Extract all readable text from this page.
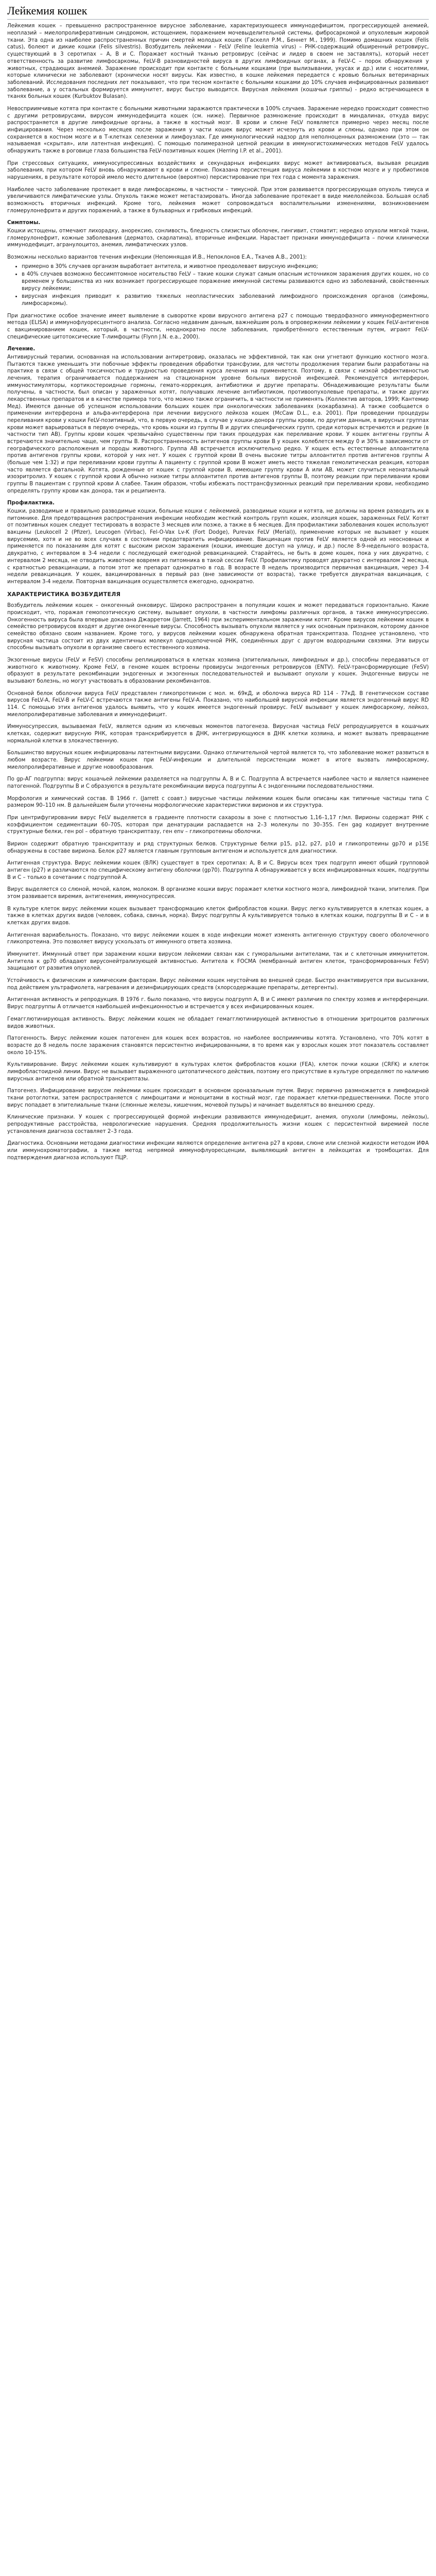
Лейкемия кошек

Лейкемия кошек – превышенно распространенное вирусное заболевание, характеризующееся иммунодефицитом, прогрессирующей анемией, неоплазий – миелопролиферативным синдромом, истощением, поражением мочевыделительной системы, фибросаркомой и опухолевым жировой ткани. Эта одна из наиболее распространенных причин смертей молодых кошек (Гаскелл Р.М., Беннет М., 1999). Помимо домашних кошек (Felis catus), болеют и дикие кошки (Felis silvestris). Возбудитель лейкемии - FeLV (Feline leukemia virus) – РНК-содержащий обширенный ретровирус, существующий в 3 серотипах – А, В и С. Поражает костный тканью ретровирус (сейчас и лидер в своем не заставлять), который несет ответственность за развитие лимфосаркомы, FeLV-В разновидностей вируса в других лимфоидных органах, а FeLV-C – порок обнаружения у животных, страдающих анемией. Заражение происходит при контакте с больными кошками (при вылизывании, укусах и др.) или с носителями, которые клинически не заболевают (хронически носят вирусы. Как известно, в кошке лейкемия передается с кровью больных ветеринарных заболеваний. Исследования последних лет показывают, что при тесном контакте с больными кошками до 10% случаев инфицированных развивают заболевание, а у остальных формируется иммунитет, вирус быстро выводится. Вирусная лейкемия (кошачьи гриппы) - редко встречающееся в тканях больных кошек (Kurbuktov Bulasan).

Невосприимчивые котята при контакте с больными животными заражаются практически в 100% случаев. Заражение нередко происходит совместно с другими ретровирусами, вирусом иммунодефицита кошек (см. ниже). Первичное размножение происходит в миндалинах, откуда вирус распространяется в другие лимфоидные органы, а также в костный мозг. В крови и слюне FeLV появляется примерно через месяц после инфицирования. Через несколько месяцев после заражения у части кошек вирус может исчезнуть из крови и слюны, однако при этом он сохраняется в костном мозге и в Т-клетках селезенки и лимфоузлах. Где иммунологический надзор для неполноценных размножении (это — так называемая «скрытая», или латентная инфекция). С помощью полимеразной цепной реакции в иммуногистохимических методов FeLV удалось обнаружить также в роговице глаза большинства FeLV-позитивных кошек (Herring I.P. et al., 2001).

При стрессовых ситуациях, иммуносупрессивных воздействиях и секундарных инфекциях вирус может активироваться, вызывая рецидив заболевания, при котором FeLV вновь обнаруживают в крови и слюне. Показана персистенция вируса лейкемии в костном мозге и у пробиотиков нарушениях, в результате которой имело место длительное (вероятно) персистирование при тех года с момента заражения.

Наиболее часто заболевание протекает в виде лимфосаркомы, в частности – тимусной. При этом развивается прогрессирующая опухоль тимуса и увеличиваются лимфатические узлы. Опухоль также может метастазировать. Иногда заболевание протекает в виде миелолейкоза. Большая ослаб возможность вторичных инфекций. Кроме того, лейкемия может сопровождаться воспалительными изменениями, возникновением гломерулонефрита и других поражений, а также в бульварных и грибковых инфекций.

Симптомы.

Кошки истощены, отмечают лихорадку, анорексию, сонливость, бледность слизистых оболочек, гингивит, стоматит; нередко опухоли мягкой ткани, гломерулонефрит, кожные заболевания (дерматоз, скарлатина), вторичные инфекции. Нарастает признаки иммунодефицита – почки клинически иммунодефицит, агранулоцитоз, анемия, лимфатических узлов.

Возможны несколько вариантов течения инфекции (Непомнящая И.В., Непоклонов Е.А., Ткачев А.В., 2001):

• примерно в 30% случаев организм выработает антитела, и животное преодолевает вирусную инфекцию;
• в 40% случаев возможно бессимптомное носительство FeLV – такие кошки служат самым опасным источником заражения других кошек, но со временем у большинства из них возникает прогрессирующее поражение иммунной системы развиваются одно из заболеваний, свойственных вирусу лейкемии;
• вирусная инфекция приводит к развитию тяжелых неопластических заболеваний лимфоидного происхождения органов (симфомы, лимфосаркомы).

При диагностике особое значение имеет выявление в сыворотке крови вирусного антигена р27 с помощью твердофазного иммуноферментного метода (ELISA) и иммунофлуоресцентного анализа. Согласно недавним данным, важнейшим роль в опровержении лейкемии у кошек FeLV-антигенов с вакцинированием кошек, который, в частности, неоднократно после заболевания, приобретённого естественным путем, играют FeLV-специфические цитотоксические Т-лимфоциты (Flynn J.N. e.a., 2000).

Лечение.

Антивирусный терапии, основанная на использовании антиретровир, оказалась не эффективной, так как они угнетают функцию костного мозга. Пытаются также уменьшить эти побочные эффекты проведения обработки трансфузии, для чистоты продолжения терапии были разработаны на практике в связи с общей токсичностью и трудностью проведения курса лечения на применяется. Поэтому, в связи с низкой эффективностью лечения, терапия ограничивается поддержанием на стационарном уровне больных вирусной инфекцией. Рекомендуется интерферон, иммуностимуляторы, кортикостероидные гормоны, гемато-коррекция, антибиотики и другие препараты. Обнадеживающие результаты были получены, в частности, был описан у зараженных котят, получавших лечение антибиотиком, противоопухолевые препараты, и также других лекарственных препаратов и в качестве примера того, что можно также ограничить, в частности не применять (Коллектив авторов, 1999; Кантемир Мед). Имеются данные об успешном использовании больших кошек при онкологических заболеваниях (кокарбазина). А также сообщается о применении интерферона и альфа-интерферона при лечении вирусного лейкоза кошек (McCaw D.L., e.a. 2001). При проведении процедуры переливания крови у кошки FeLV-позитивный, что, в первую очередь, в случае у кошки-донора группы крови, по другим данным, в вирусных группах крови может варьироваться в первую очередь, что кровь кошки из группы В и других специфических групп, среди которых встречаются и редкие (в частности тип АВ). Группы крови кошек чрезвычайно существенны при таких процедурах как переливание крови. У кошек антигены группы A встречаются значительно чаще, чем группы B. Распространенность антигенов группы крови B у кошек колеблется между 0 и 30% в зависимости от географического расположения и породы животного. Группа AB встречается исключительно редко. У кошек есть естественные аллоантитела против антигенов группы крови, которой у них нет. У кошек с группой крови B очень высокие титры аллоантител против антигенов группы A (больше чем 1:32) и при переливании крови группы A пациенту с группой крови B может иметь место тяжелая гемолитическая реакция, которая часто является фатальной. Котята, рожденные от кошек с группой крови B, имеющие группу крови A или AB, может случиться неонатальный изоэритролиз. У кошек с группой крови А обычно низкие титры аллоантител против антигенов группы В, поэтому реакции при переливании крови группы В пациентам с группой крови А слабее. Таким образом, чтобы избежать посттрансфузионных реакций при переливании крови, необходимо определять группу крови как донора, так и реципиента.

Профилактика.

Кошки, разводимые и правильно разводимые кошки, больные кошки с лейкемией, разводимые кошки и котята, не должны на время разводить их в питомнике. Для предотвращения распространения инфекции необходим жесткий контроль групп кошек, изоляция кошек, зараженных FeLV. Котят от позитивных кошек следует тестировать в возрасте 3 месяцев или позже, а также в 6 месяцев. Для профилактики заболевания кошек используют вакцины (Leukocell 2 (Pfizer), Leucogen (Virbac), Fel-O-Vax Lv-K (Fort Dodge), Purevax FeLV (Merial)), применение которых не вызывает у кошек вирусемию, хотя и не во всех случаях в состоянии предотвратить инфицирование. Вакцинация против FeLV является одной из неосновных и применяется по показаниям для котят с высоким риском заражения (кошки, имеющие доступ на улицу, и др.) после 8-9-недельного возраста, двукратно, с интервалом в 3-4 недели с последующей ежегодной ревакцинацией. Старайтесь, не быть в доме кошек, пока у них двукратно, с интервалом 2 месяца, не отводить животное вовремя из питомника в такой сессии FeLV. Профилактику проводят двукратно с интервалом 2 месяца, с кратностью ревакцинации, а потом этот же препарат однократно в год. В возрасте 8 недель производится первичная вакцинация, через 3-4 недели ревакцинация. У кошек, вакцинированных в первый раз (вне зависимости от возраста), также требуется двукратная вакцинация, с интервалом 3-4 недели. Повторная вакцинация осуществляется ежегодно, однократно.

ХАРАКТЕРИСТИКА ВОЗБУДИТЕЛЯ

Возбудитель лейкемии кошек – онкогенный онковирус. Широко распространен в популяции кошек и может передаваться горизонтально. Какие происходит, что, поражая гемопоэтическую систему, вызывает опухоли, в частности лимфомы различных органов, а также иммуносупрессию. Онкогенность вируса была впервые доказана Джарретом (Jarrett, 1964) при экспериментальном заражении котят. Кроме вирусов лейкемии кошек в семейство ретровирусов входят и другие онкогенные вирусы. Способность вызывать опухоли является у них основным признаком, которому данное семейство обязано своим названием. Кроме того, у вирусов лейкемии кошек обнаружена обратная транскриптаза. Позднее установлено, что вирусная частица состоит из двух идентичных молекул одноцепочечной РНК, соединённых друг с другом водородными связями. Эти вирусы способны вызывать опухоли в организме своего естественного хозяина.

Экзогенные вирусы (FeLV и FeSV) способны реплицироваться в клетках хозяина (эпителиальных, лимфоидных и др.), способны передаваться от животного к животному. Кроме FeLV, в геноме кошек встроены провирусы эндогенных ретровирусов (ENTV). FeLV-трансформирующие (FeSV) образуют в результате рекомбинации эндогенных и экзогенных последовательностей и вызывают опухоли у кошек. Эндогенные вирусы не вызывают болезнь, но могут участвовать в образовании рекомбинантов.

Основной белок оболочки вируса FeLV представлен гликопротеином с мол. м. 69кД, и оболочка вируса RD 114 - 77кД. В генетическом составе вирусов FeLV-A, FeLV-B и FeLV-C встречаются также антигены FeLV-A. Показано, что наибольшей вирусной инфекции является эндогенный вирус RD 114. С помощью этих антигенов удалось выявить, что у кошек имеется эндогенный провирус. FeLV вызывает у кошек лимфосаркому, лейкоз, миелопролиферативные заболевания и иммунодефицит.

Иммуносупрессия, вызываемая FeLV, является одним из ключевых моментов патогенеза. Вирусная частица FeLV репродуцируется в кошачьих клетках, содержит вирусную РНК, которая транскрибируется в ДНК, интегрирующуюся в ДНК клетки хозяина, и может вызвать превращение нормальной клетки в злокачественную.

Большинство вирусных кошек инфицированы латентными вирусами. Однако отличительной чертой является то, что заболевание может развиться в любом возрасте. Вирус лейкемии кошек при FeLV-инфекции и длительной персистенции может в итоге вызвать лимфосаркому, миелопролиферативные и другие новообразования.

По gp-АГ подгруппа: вирус кошачьей лейкемии разделяется на подгруппы A, B и C. Подгруппа A встречается наиболее часто и является наименее патогенной. Подгруппы B и C образуются в результате рекомбинации вируса подгруппы A с эндогенными последовательностями.

Морфология и химический состав. В 1966 г. (Jarrett с соавт.) вирусные частицы лейкемии кошек были описаны как типичные частицы типа С размером 90–110 нм. В дальнейшем были уточнены морфологические характеристики вирионов и их структура.

При центрифугировании вирус FeLV выделяется в градиенте плотности сахарозы в зоне с плотностью 1,16–1,17 г/мл. Вирионы содержат РНК с коэффициентом седиментации 60–70S, которая при денатурации распадается на 2–3 молекулы по 30–35S. Ген gag кодирует внутренние структурные белки, ген pol – обратную транскриптазу, ген env – гликопротеины оболочки.

Вирион содержит обратную транскриптазу и ряд структурных белков. Структурные белки p15, p12, p27, p10 и гликопротеины gp70 и p15E обнаружены в составе вириона. Белок p27 является главным групповым антигеном и используется для диагностики.

Антигенная структура. Вирус лейкемии кошек (ВЛК) существует в трех серотипах: А, В и С. Вирусы всех трех подгрупп имеют общий групповой антиген (p27) и различаются по специфическому антигену оболочки (gp70). Подгруппа A обнаруживается у всех инфицированных кошек, подгруппы B и C – только в сочетании с подгруппой A.

Вирус выделяется со слюной, мочой, калом, молоком. В организме кошки вирус поражает клетки костного мозга, лимфоидной ткани, эпителия. При этом развивается виремия, антигенемия, иммуносупрессия.

В культуре клеток вирус лейкемии кошек вызывает трансформацию клеток фибробластов кошки. Вирус легко культивируется в клетках кошек, а также в клетках других видов (человек, собака, свинья, норка). Вирус подгруппы A культивируется только в клетках кошки, подгруппы B и C – и в клетках других видов.

Антигенная вариабельность. Показано, что вирус лейкемии кошек в ходе инфекции может изменять антигенную структуру своего оболочечного гликопротеина. Это позволяет вирусу ускользать от иммунного ответа хозяина.

Иммунитет. Иммунный ответ при заражении кошки вирусом лейкемии связан как с гуморальными антителами, так и с клеточным иммунитетом. Антитела к gp70 обладают вирусонейтрализующей активностью. Антитела к FOCMA (мембранный антиген клеток, трансформированных FeSV) защищают от развития опухолей.

Устойчивость к физическим и химическим факторам. Вирус лейкемии кошек неустойчив во внешней среде. Быстро инактивируется при высыхании, под действием ультрафиолета, нагревания и дезинфицирующих средств (хлорсодержащие препараты, детергенты).

Антигенная активность и репродукция. В 1976 г. было показано, что вирусы подгрупп A, B и C имеют различия по спектру хозяев и интерференции. Вирус подгруппы A отличается наибольшей инфекционностью и встречается у всех инфицированных кошек.

Гемагглютинирующая активность. Вирус лейкемии кошек не обладает гемагглютинирующей активностью в отношении эритроцитов различных видов животных.

Патогенность. Вирус лейкемии кошек патогенен для кошек всех возрастов, но наиболее восприимчивы котята. Установлено, что 70% котят в возрасте до 8 недель после заражения становятся персистентно инфицированными, в то время как у взрослых кошек этот показатель составляет около 10-15%.

Культивирование. Вирус лейкемии кошек культивируют в культурах клеток фибробластов кошки (FEA), клеток почки кошки (CRFK) и клеток лимфобластоидной линии. Вирус не вызывает выраженного цитопатического действия, поэтому его присутствие в культуре определяют по наличию вирусных антигенов или обратной транскриптазы.

Патогенез. Инфицирование вирусом лейкемии кошек происходит в основном оронaзальным путем. Вирус первично размножается в лимфоидной ткани ротоглотки, затем распространяется с лимфоцитами и моноцитами в костный мозг, где поражает клетки-предшественники. После этого вирус попадает в эпителиальные ткани (слюнные железы, кишечник, мочевой пузырь) и начинает выделяться во внешнюю среду.

Клинические признаки. У кошек с прогрессирующей формой инфекции развиваются иммунодефицит, анемия, опухоли (лимфомы, лейкозы), репродуктивные расстройства, неврологические нарушения. Средняя продолжительность жизни кошек с персистентной виремией после установления диагноза составляет 2–3 года.

Диагностика. Основными методами диагностики инфекции являются определение антигена p27 в крови, слюне или слезной жидкости методом ИФА или иммунохроматографии, а также метод непрямой иммунофлуоресценции, выявляющий антиген в лейкоцитах и тромбоцитах. Для подтверждения диагноза используют ПЦР.
